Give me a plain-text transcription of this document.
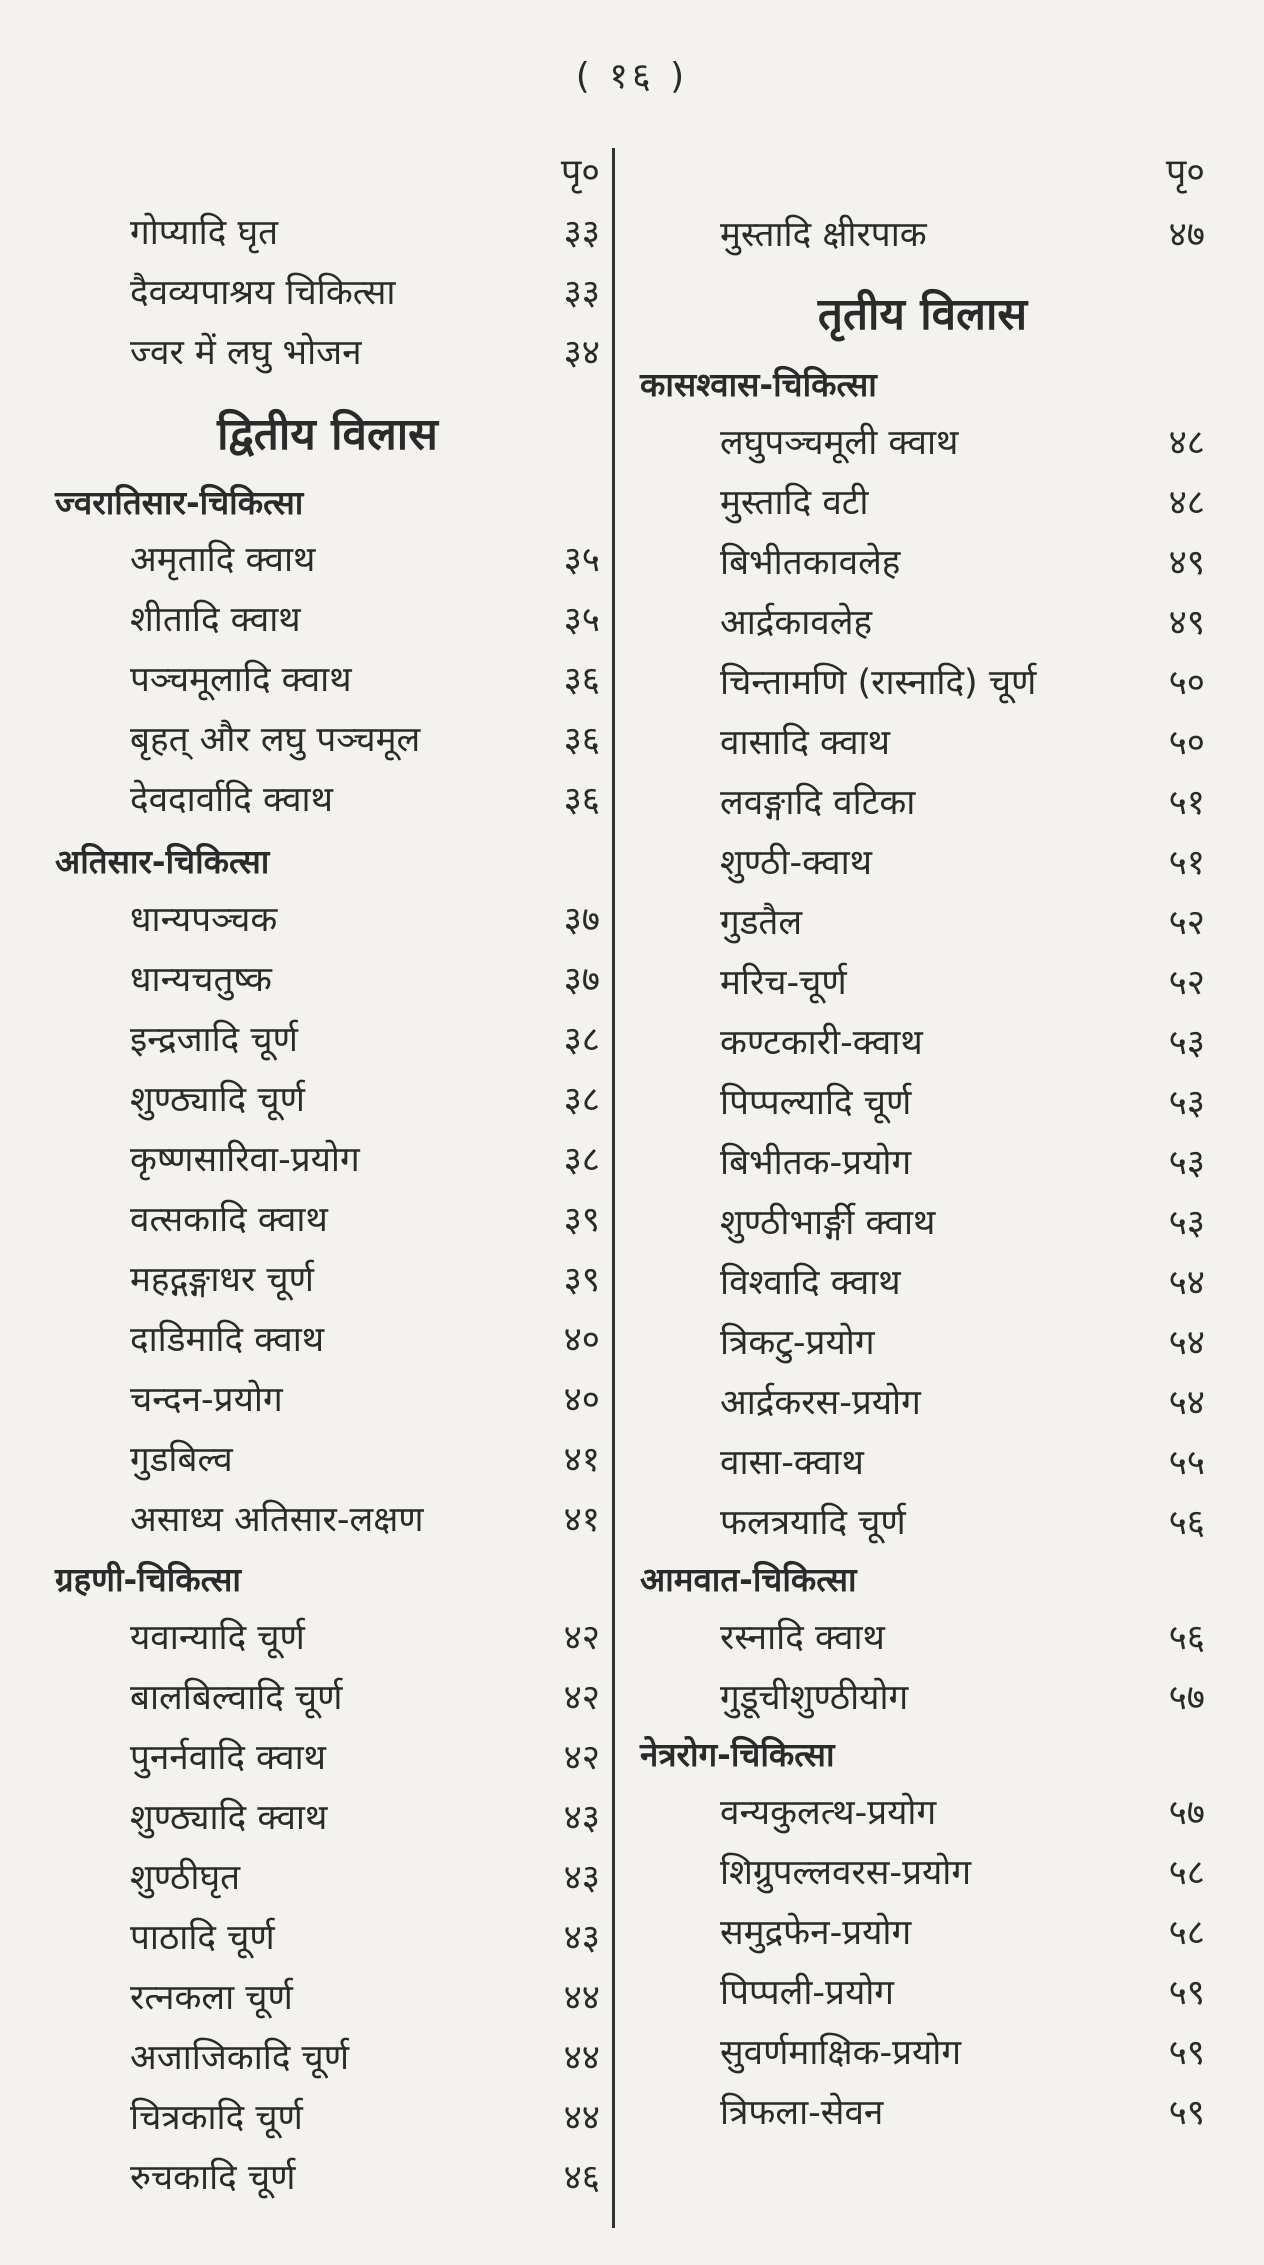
( १६ )
पृ०
गोप्यादि घृत	३३
दैवव्यपाश्रय चिकित्सा	३३
ज्वर में लघु भोजन	३४
द्वितीय विलास
ज्वरातिसार-चिकित्सा
अमृतादि क्वाथ	३५
शीतादि क्वाथ	३५
पञ्चमूलादि क्वाथ	३६
बृहत् और लघु पञ्चमूल	३६
देवदार्वादि क्वाथ	३६
अतिसार-चिकित्सा
धान्यपञ्चक	३७
धान्यचतुष्क	३७
इन्द्रजादि चूर्ण	३८
शुण्ठ्यादि चूर्ण	३८
कृष्णसारिवा-प्रयोग	३८
वत्सकादि क्वाथ	३९
महद्गङ्गाधर चूर्ण	३९
दाडिमादि क्वाथ	४०
चन्दन-प्रयोग	४०
गुडबिल्व	४१
असाध्य अतिसार-लक्षण	४१
ग्रहणी-चिकित्सा
यवान्यादि चूर्ण	४२
बालबिल्वादि चूर्ण	४२
पुनर्नवादि क्वाथ	४२
शुण्ठ्यादि क्वाथ	४३
शुण्ठीघृत	४३
पाठादि चूर्ण	४३
रत्नकला चूर्ण	४४
अजाजिकादि चूर्ण	४४
चित्रकादि चूर्ण	४४
रुचकादि चूर्ण	४६
पृ०
मुस्तादि क्षीरपाक	४७
तृतीय विलास
कासश्वास-चिकित्सा
लघुपञ्चमूली क्वाथ	४८
मुस्तादि वटी	४८
बिभीतकावलेह	४९
आर्द्रकावलेह	४९
चिन्तामणि (रास्नादि) चूर्ण	५०
वासादि क्वाथ	५०
लवङ्गादि वटिका	५१
शुण्ठी-क्वाथ	५१
गुडतैल	५२
मरिच-चूर्ण	५२
कण्टकारी-क्वाथ	५३
पिप्पल्यादि चूर्ण	५३
बिभीतक-प्रयोग	५३
शुण्ठीभार्ङ्गी क्वाथ	५३
विश्वादि क्वाथ	५४
त्रिकटु-प्रयोग	५४
आर्द्रकरस-प्रयोग	५४
वासा-क्वाथ	५५
फलत्रयादि चूर्ण	५६
आमवात-चिकित्सा
रस्नादि क्वाथ	५६
गुडूचीशुण्ठीयोग	५७
नेत्ररोग-चिकित्सा
वन्यकुलत्थ-प्रयोग	५७
शिग्रुपल्लवरस-प्रयोग	५८
समुद्रफेन-प्रयोग	५८
पिप्पली-प्रयोग	५९
सुवर्णमाक्षिक-प्रयोग	५९
त्रिफला-सेवन	५९
